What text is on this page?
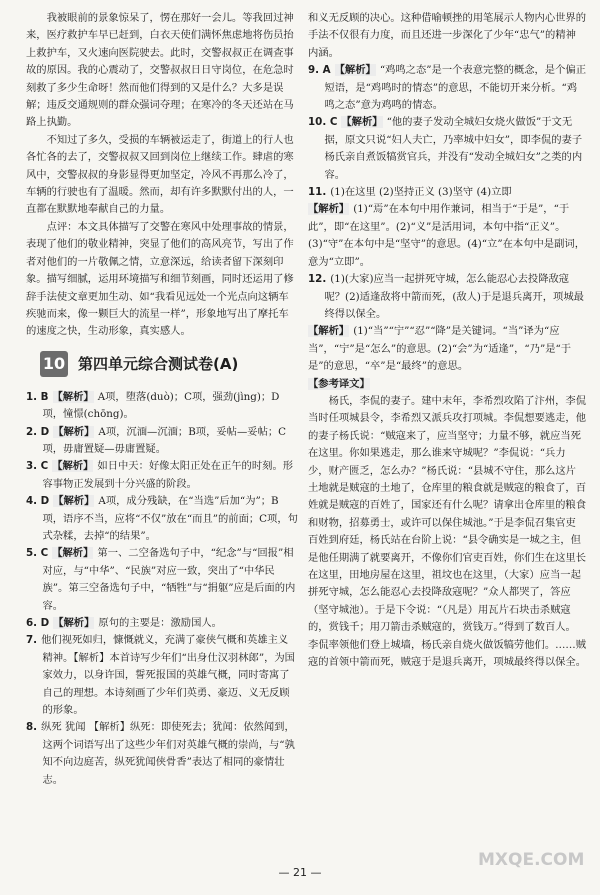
我被眼前的景象惊呆了，愣在那好一会儿。等我回过神来，医疗救护车早已赶到，白衣天使们满怀焦虑地将伤员抬上救护车，又火速向医院驶去。此时，交警叔叔正在调查事故的原因。我的心震动了，交警叔叔日日守岗位，在危急时刻救了多少生命呀！然而他们得到的又是什么？大多是误解；违反交通规则的群众强词夺理；在寒冷的冬天还站在马路上执勤。

不知过了多久，受损的车辆被运走了，街道上的行人也各忙各的去了，交警叔叔又回到岗位上继续工作。肆虐的寒风中，交警叔叔的身影显得更加坚定，冷风不再那么冷了，车辆的行驶也有了温暖。然而，却有许多默默付出的人，一直都在默默地奉献自己的力量。

点评：本文具体描写了交警在寒风中处理事故的情景，表现了他们的敬业精神，突显了他们的高风亮节，写出了作者对他们的一片敬佩之情，立意深远，给读者留下深刻印象。描写细腻，运用环境描写和细节刻画，同时还运用了修辞手法使文章更加生动、如“我看见远处一个光点向这辆车疾驰而来，像一颗巨大的流星一样”，形象地写出了摩托车的速度之快，生动形象，真实感人。

10 第四单元综合测试卷(A)

1. B 【解析】 A项，堕落(duò)；C项，强劲(jìng)；D项，憧憬(chōng)。

2. D 【解析】 A项，沉湎—沉湎；B项，妥帖—妥帖；C项，毋庸置疑—毋庸置疑。

3. C 【解析】 如日中天：好像太阳正处在正午的时刻。形容事物正发展到十分兴盛的阶段。

4. D 【解析】 A项，成分残缺，在“当选”后加“为”；B项，语序不当，应将“不仅”放在“而且”的前面；C项，句式杂糅，去掉“的结果”。

5. C 【解析】 第一、二空备选句子中，“纪念”与“回报”相对应，与“中华”、“民族”对应一致，突出了“中华民族”。第三空备选句子中，“牺牲”与“捐躯”应是后面的内容。

6. D 【解析】 原句的主要是：激励国人。

7. 他们视死如归，慷慨就义，充满了豪侠气概和英雄主义精神。【解析】本首诗写少年们“出身仕汉羽林郎”，为国家效力，以身许国，誓死报国的英雄气概，同时寄寓了自己的理想。本诗刻画了少年们英勇、豪迈、义无反顾的形象。

8. 纵死 犹闻 【解析】纵死：即使死去；犹闻：依然闻到，这两个词语写出了这些少年们对英雄气概的崇尚，与“孰知不向边庭苦，纵死犹闻侠骨香”表达了相同的豪情壮志。

和义无反顾的决心。这种借喻顿挫的用笔展示人物内心世界的手法不仅很有力度，而且还进一步深化了少年“忠气”的精神内涵。

9. A 【解析】 “鸡鸣之态”是一个表意完整的概念，是个偏正短语，是“鸡鸣时的情态”的意思，不能切开来分析。“鸡鸣之态”意为鸡鸣的情态。

10. C 【解析】 “他的妻子发动全城妇女烧火做饭”于文无据，原文只说“妇人夫亡，乃率城中妇女”，即李侃的妻子杨氏亲自煮饭犒赏官兵，并没有“发动全城妇女”之类的内容。

11. (1)在这里 (2)坚持正义 (3)坚守 (4)立即

【解析】 (1)“焉”在本句中用作兼词，相当于“于是”，“于此”，即“在这里”。(2)“义”是活用词，本句中指“正义”。(3)“守”在本句中是“坚守”的意思。(4)“立”在本句中是副词，意为“立即”。

12. (1)(大家)应当一起拼死守城，怎么能忍心去投降敌寇呢？(2)适逢敌将中箭而死，(敌人)于是退兵离开，项城最终得以保全。

【解析】 (1)“当”“宁”“忍”“降”是关键词。“当”译为“应当”，“宁”是“怎么”的意思。(2)“会”为“适逢”，“乃”是“于是”的意思，“卒”是“最终”的意思。

【参考译文】

杨氏，李侃的妻子。建中末年，李希烈攻陷了汴州，李侃当时任项城县令，李希烈又派兵攻打项城。李侃想要逃走，他的妻子杨氏说：“贼寇来了，应当坚守；力量不够，就应当死在这里。你如果逃走，那么谁来守城呢？”李侃说：“兵力少，财产匮乏，怎么办？”杨氏说：“县城不守住，那么这片土地就是贼寇的土地了，仓库里的粮食就是贼寇的粮食了，百姓就是贼寇的百姓了，国家还有什么呢？请拿出仓库里的粮食和财物，招募勇士，或许可以保住城池。”于是李侃召集官吏百姓到府廷，杨氏站在台阶上说：“县令确实是一城之主，但是他任期满了就要离开，不像你们官吏百姓，你们生在这里长在这里，田地房屋在这里，祖坟也在这里，（大家）应当一起拼死守城，怎么能忍心去投降敌寇呢？”众人都哭了，答应（坚守城池）。于是下令说：“（凡是）用瓦片石块击杀贼寇的，赏钱千；用刀箭击杀贼寇的，赏钱万。”得到了数百人。李侃率领他们登上城墙，杨氏亲自烧火做饭犒劳他们。……贼寇的首领中箭而死，贼寇于是退兵离开，项城最终得以保全。

— 21 —
MXQE.COM
